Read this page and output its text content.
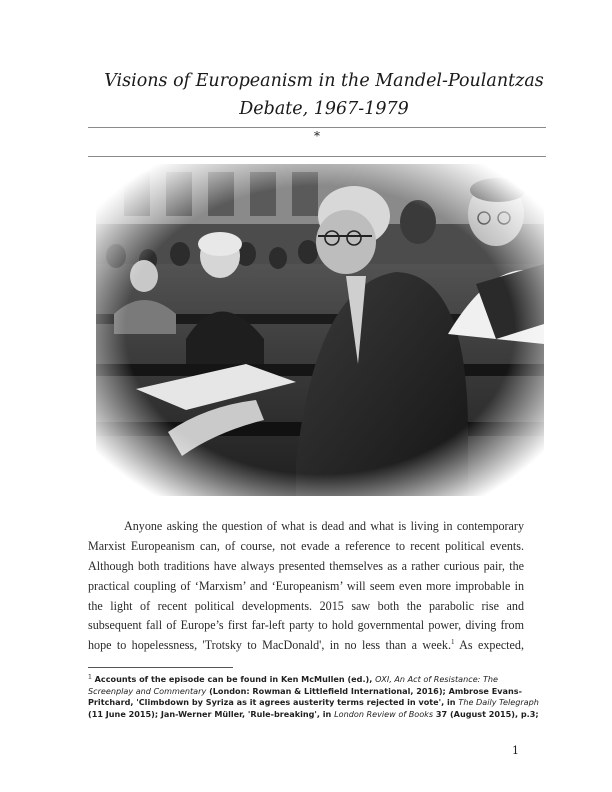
Visions of Europeanism in the Mandel-Poulantzas
Debate, 1967-1979
*
Anyone asking the question of what is dead and what is living in contemporary
Marxist Europeanism can, of course, not evade a reference to recent political events.
Although both traditions have always presented themselves as a rather curious pair, the
practical coupling of ‘Marxism’ and ‘Europeanism’ will seem even more improbable in
the light of recent political developments. 2015 saw both the parabolic rise and
subsequent fall of Europe’s first far-left party to hold governmental power, diving from
hope to hopelessness, 'Trotsky to MacDonald', in no less than a week.$^1$ As expected,
$^1$ Accounts of the episode can be found in Ken McMullen (ed.), OXI, An Act of Resistance: The
Screenplay and Commentary (London: Rowman & Littlefield International, 2016); Ambrose Evans-
Pritchard, 'Climbdown by Syriza as it agrees austerity terms rejected in vote', in The Daily Telegraph
(11 June 2015); Jan-Werner Müller, 'Rule-breaking', in London Review of Books 37 (August 2015), p.3;
1
